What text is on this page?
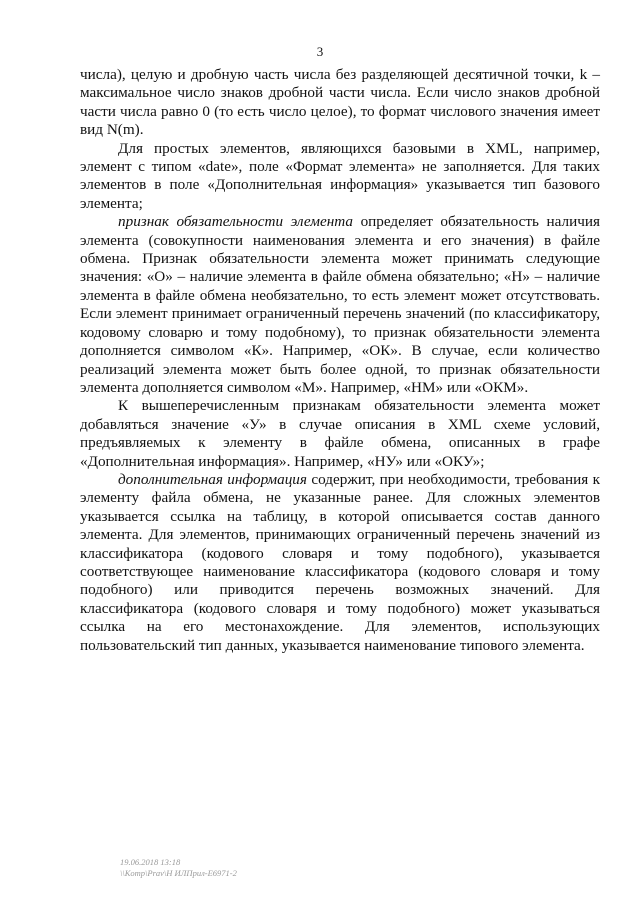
3

числа), целую и дробную часть числа без разделяющей десятичной точки, k – максимальное число знаков дробной части числа. Если число знаков дробной части числа равно 0 (то есть число целое), то формат числового значения имеет вид N(m).

Для простых элементов, являющихся базовыми в XML, например, элемент с типом «date», поле «Формат элемента» не заполняется. Для таких элементов в поле «Дополнительная информация» указывается тип базового элемента;

признак обязательности элемента определяет обязательность наличия элемента (совокупности наименования элемента и его значения) в файле обмена. Признак обязательности элемента может принимать следующие значения: «О» – наличие элемента в файле обмена обязательно; «Н» – наличие элемента в файле обмена необязательно, то есть элемент может отсутствовать. Если элемент принимает ограниченный перечень значений (по классификатору, кодовому словарю и тому подобному), то признак обязательности элемента дополняется символом «К». Например, «ОК». В случае, если количество реализаций элемента может быть более одной, то признак обязательности элемента дополняется символом «М». Например, «НМ» или «ОКМ».

К вышеперечисленным признакам обязательности элемента может добавляться значение «У» в случае описания в XML схеме условий, предъявляемых к элементу в файле обмена, описанных в графе «Дополнительная информация». Например, «НУ» или «ОКУ»;

дополнительная информация содержит, при необходимости, требования к элементу файла обмена, не указанные ранее. Для сложных элементов указывается ссылка на таблицу, в которой описывается состав данного элемента. Для элементов, принимающих ограниченный перечень значений из классификатора (кодового словаря и тому подобного), указывается соответствующее наименование классификатора (кодового словаря и тому подобного) или приводится перечень возможных значений. Для классификатора (кодового словаря и тому подобного) может указываться ссылка на его местонахождение. Для элементов, использующих пользовательский тип данных, указывается наименование типового элемента.

19.06.2018 13:18
\\Komp\Prav\Н ИЛПрил-Е6971-2
